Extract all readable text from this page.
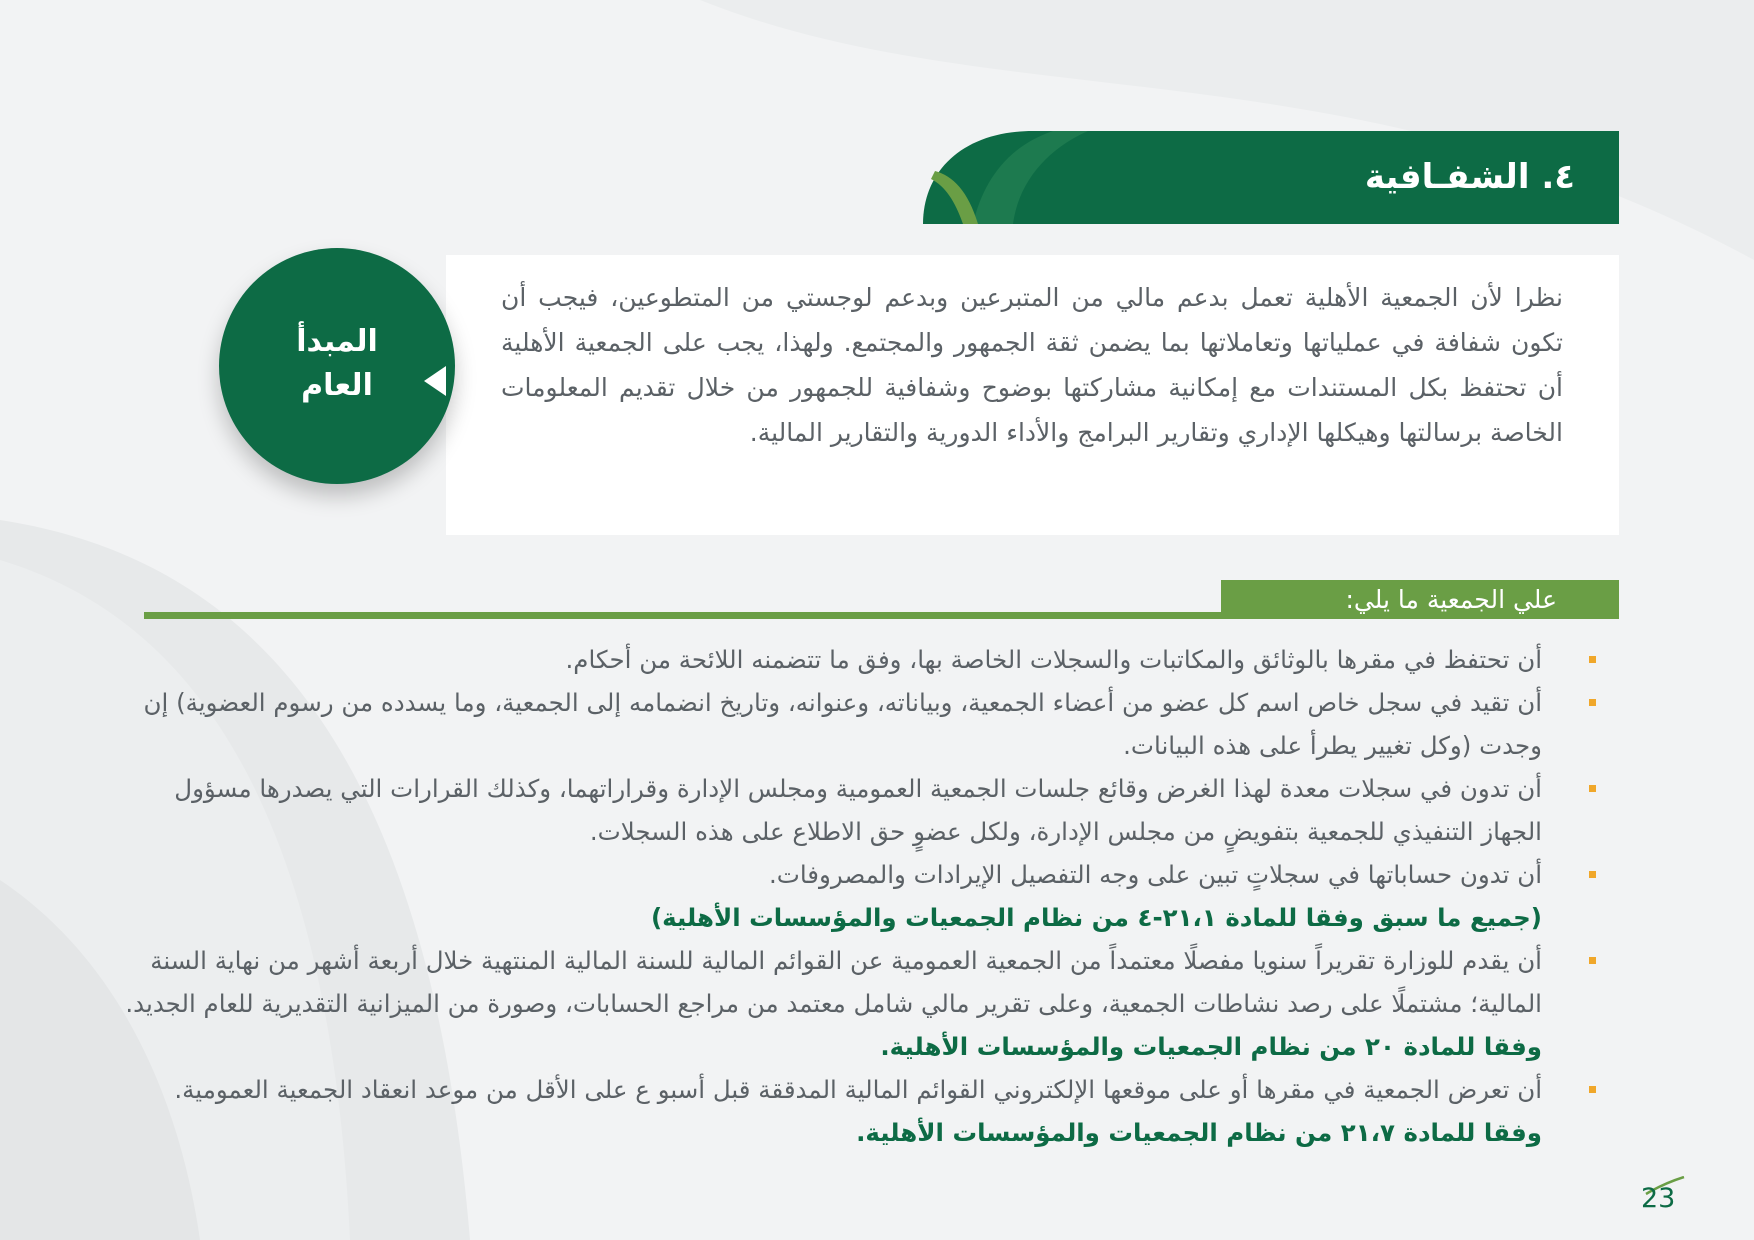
٤. الشفـافية
نظرا لأن الجمعية الأهلية تعمل بدعم مالي من المتبرعين وبدعم لوجستي من المتطوعين، فيجب أن تكون شفافة في عملياتها وتعاملاتها بما يضمن ثقة الجمهور والمجتمع. ولهذا، يجب على الجمعية الأهلية أن تحتفظ بكل المستندات مع إمكانية مشاركتها بوضوح وشفافية للجمهور من خلال تقديم المعلومات الخاصة برسالتها وهيكلها الإداري وتقارير البرامج والأداء الدورية والتقارير المالية.
المبدأ
العام
علي الجمعية ما يلي:
أن تحتفظ في مقرها بالوثائق والمكاتبات والسجلات الخاصة بها، وفق ما تتضمنه اللائحة من أحكام.
أن تقيد في سجل خاص اسم كل عضو من أعضاء الجمعية، وبياناته، وعنوانه، وتاريخ انضمامه إلى الجمعية، وما يسدده من رسوم العضوية) إن وجدت (وكل تغيير يطرأ على هذه البيانات.
أن تدون في سجلات معدة لهذا الغرض وقائع جلسات الجمعية العمومية ومجلس الإدارة وقراراتهما، وكذلك القرارات التي يصدرها مسؤول الجهاز التنفيذي للجمعية بتفويضٍ من مجلس الإدارة، ولكل عضوٍ حق الاطلاع على هذه السجلات.
أن تدون حساباتها في سجلاتٍ تبين على وجه التفصيل الإيرادات والمصروفات.
(جميع ما سبق وفقا للمادة ٢١،١-٤ من نظام الجمعيات والمؤسسات الأهلية)
أن يقدم للوزارة تقريراً سنويا مفصلًا معتمداً من الجمعية العمومية عن القوائم المالية للسنة المالية المنتهية خلال أربعة أشهر من نهاية السنة المالية؛ مشتملًا على رصد نشاطات الجمعية، وعلى تقرير مالي شامل معتمد من مراجع الحسابات، وصورة من الميزانية التقديرية للعام الجديد. وفقا للمادة ٢٠ من نظام الجمعيات والمؤسسات الأهلية.
أن تعرض الجمعية في مقرها أو على موقعها الإلكتروني القوائم المالية المدققة قبل أسبو ع على الأقل من موعد انعقاد الجمعية العمومية. وفقا للمادة ٢١،٧ من نظام الجمعيات والمؤسسات الأهلية.
23
